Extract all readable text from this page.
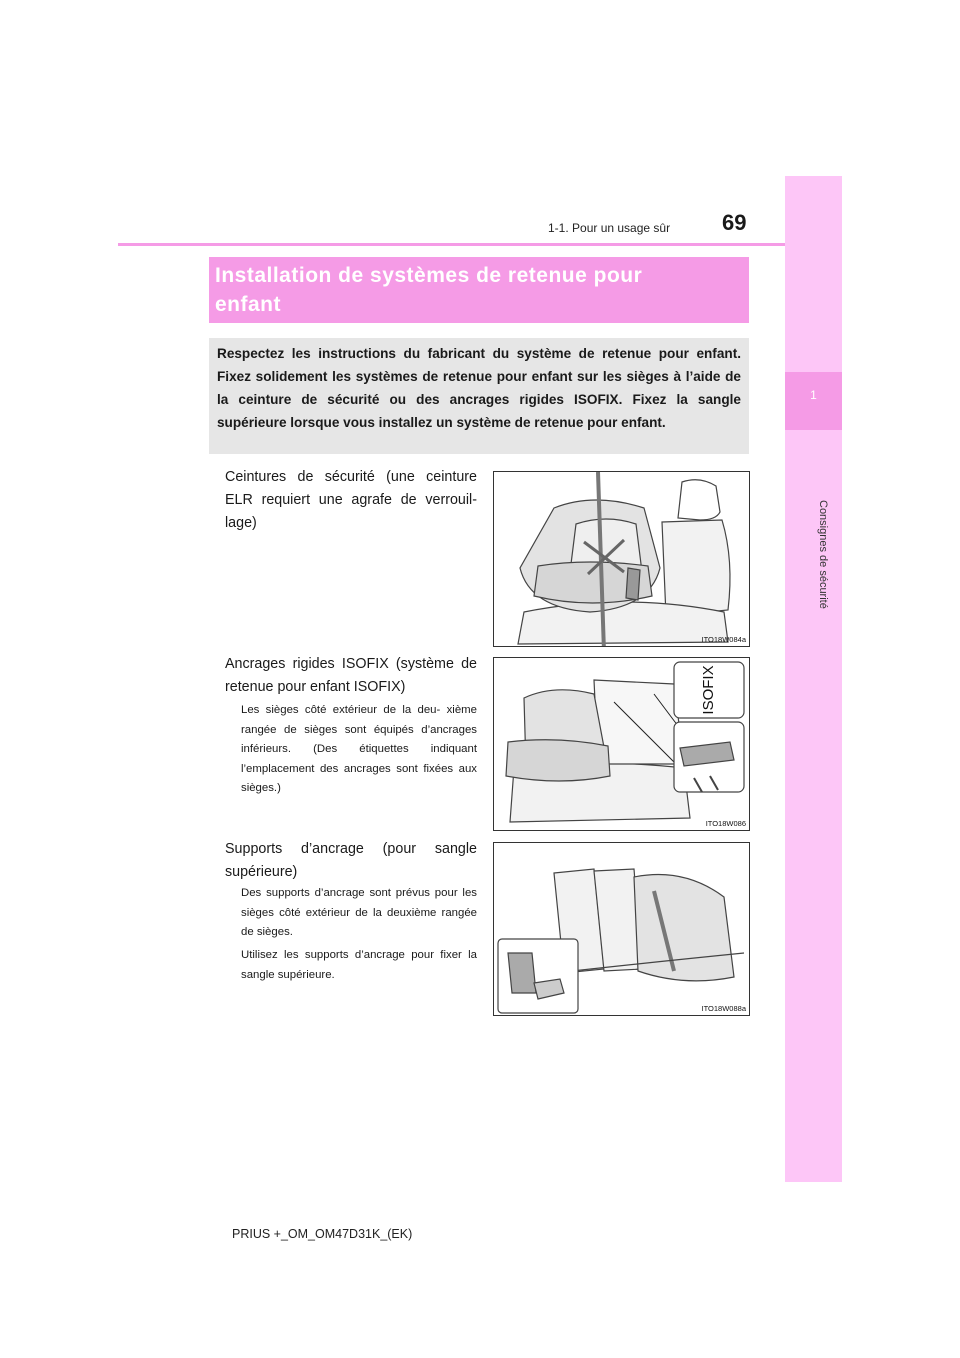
1-1. Pour un usage sûr 69
1
Consignes de sécurité
Installation de systèmes de retenue pour
enfant

Respectez les instructions du fabricant du système de retenue pour enfant. Fixez solidement les systèmes de retenue pour enfant sur les sièges à l’aide de la ceinture de sécurité ou des ancrages rigides ISOFIX. Fixez la sangle supérieure lorsque vous installez un système de retenue pour enfant.

Ceintures de sécurité (une ceinture ELR requiert une agrafe de verrouil- lage)
ITO18W084a
Ancrages rigides ISOFIX (système de retenue pour enfant ISOFIX)
Les sièges côté extérieur de la deu- xième rangée de sièges sont équipés d’ancrages inférieurs. (Des étiquettes indiquant l’emplacement des ancrages sont fixées aux sièges.)
ISOFIX
ITO18W086
Supports d’ancrage (pour sangle supérieure)
Des supports d’ancrage sont prévus pour les sièges côté extérieur de la deuxième rangée de sièges.
Utilisez les supports d’ancrage pour fixer la sangle supérieure.
ITO18W088a
PRIUS +_OM_OM47D31K_(EK)
